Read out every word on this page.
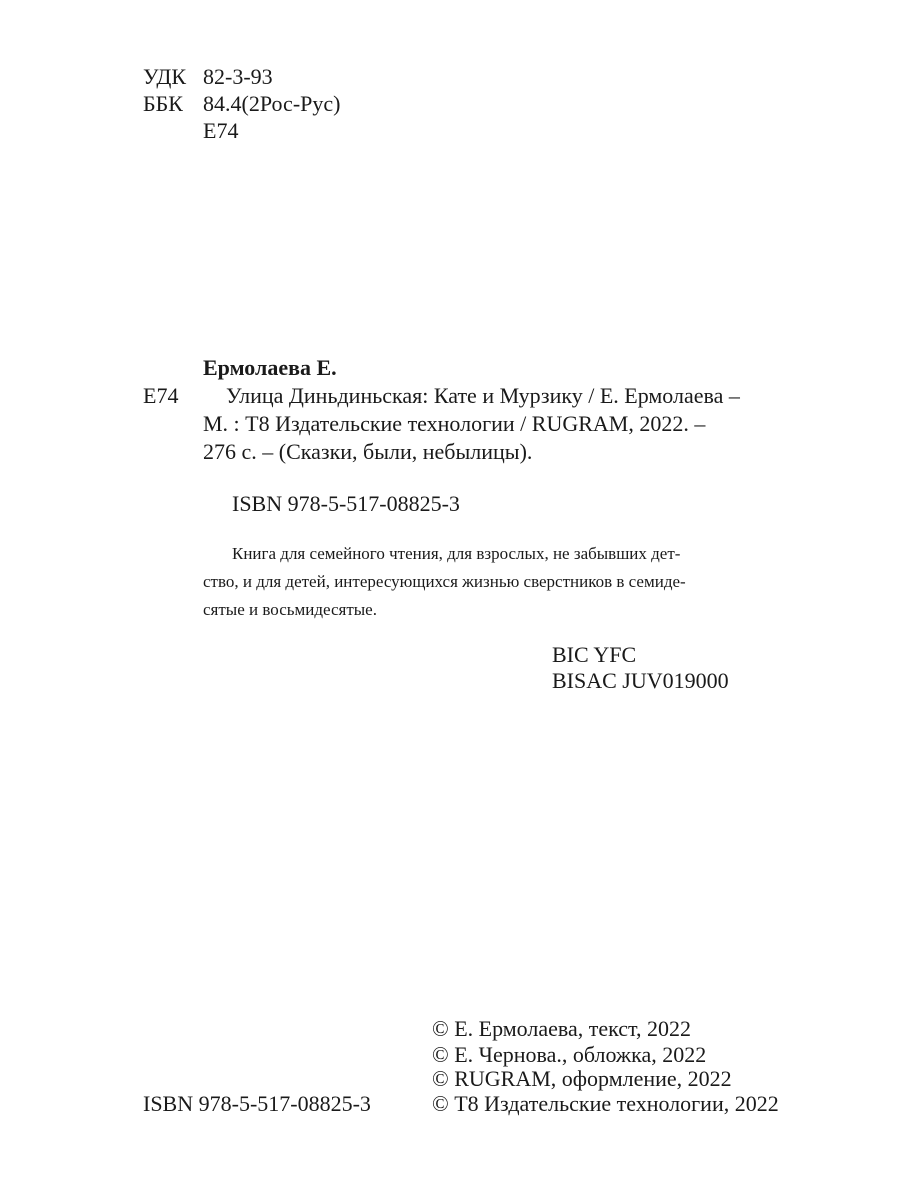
УДК 82-3-93
ББК 84.4(2Рос-Рус)
Е74
Ермолаева Е.
Е74 Улица Диньдиньская: Кате и Мурзику / Е. Ермолаева –
М. : Т8 Издательские технологии / RUGRAM, 2022. –
276 с. – (Сказки, были, небылицы).
ISBN 978-5-517-08825-3
Книга для семейного чтения, для взрослых, не забывших дет-
ство, и для детей, интересующихся жизнью сверстников в семиде-
сятые и восьмидесятые.
BIC YFC
BISAC JUV019000
© Е. Ермолаева, текст, 2022
© Е. Чернова., обложка, 2022
© RUGRAM, оформление, 2022
© Т8 Издательские технологии, 2022
ISBN 978-5-517-08825-3
